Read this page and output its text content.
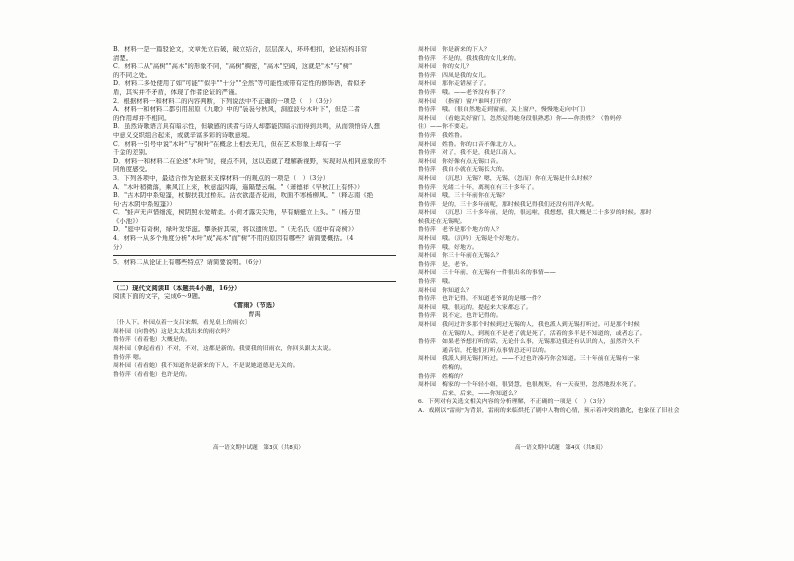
B．材料一是一篇驳论文，文章先立后破，破立结合，层层深入，环环相扣，论证结构非常
清楚。
C．材料二从"高树""高木"的形象不同，"高树"稠密，"高木"空阔，这就是"木"与"树"
的不同之处。
D．材料二多处使用了如"可能""似乎""十分""全然"等可能性或带有定性的修饰语，看似矛
盾，其实并不矛盾，体现了作者论证的严谨。
2．根据材料一和材料二的内容判断，下列说法中不正确的一项是（　）（3分）
A．材料一和材料二都引用屈原《九歌》中的"袅袅兮秋风，洞庭波兮木叶下"，但是二者
的作用却并不相同。
B．虽然诗歌语言具有暗示性，但敏感的读者与诗人却都能因暗示而得到共鸣，从而领悟诗人想
中意义交织组合起来，或就辛富多彩的诗歌意境。
C．材料一引号中说"木叶"与"树叶"在概念上相去无几，但在艺术形象上却有一字
千金的差别。
D．材料一和材料二在论述"木叶"时，视点不同，这以造就了理解新视野，实现对从相同意象的不
同角度感受。
3．下列各项中，最适合作为论据来支撑材料一的观点的一项是（　）（3分）
A．"木叶稍微落，乘风江上来，秋意溢四海，遥隔楚云端。"（萧德祥《早秋江上有怀》）
B．"古木阴中系短篷，杖藜扶我过桥东。沾衣欲湿杏花雨，吹面不寒杨柳风。"（释志南《绝
句·古木阴中系短篷》）
C．"蛙声无声惜细流，树阴照水爱晴柔。小荷才露尖尖角，早有蜻蜓立上头。"（杨万里
《小池》）
D．"庭中有奇树，绿叶发华滋。攀条折其荣，将以遗所思。"（无名氏《庭中有奇树》）
4．材料一从多个角度分析"木叶"成"高木"而"树"不用的原因有哪些？请简要概括。（4
分）
5．材料二从论证上有哪些特点？请简要说明。（6分）
（二）现代文阅读Ⅱ（本题共4小题，16分）
阅读下面的文字，完成6～9题。
《雷雨》（节选）
曹禺
〔仆人下。朴园点着一支吕宋烟，看见桌上的雨衣〕
周朴园（向鲁妈）这是太太找出来的雨衣吗？
鲁侍萍（看着他）大概是的。
周朴园（拿起看看）不对，不对，这都是新的。我要我的旧雨衣，你回头跟太太说。
鲁侍萍 嗯。
周朴园（看看她）我不知道你是新来的下人，不是说她道德是无关的。
鲁侍萍（看看他）也许是的。
高一语文期中试题　第3页（共8页）
周朴园 你是新来的下人？
鲁侍萍 不是的，我找我的女儿来的。
周朴园 你的女儿？
鲁侍萍 四凤是我的女儿。
周朴园 那你走错屋子了。
鲁侍萍 哦。——老爷没有事了？
周朴园 （指窗）窗户谁叫打开的？
鲁侍萍 哦。（很自然地走到窗前，关上窗户，慢慢地走向中门）
周朴园 （看她关好窗门，忽然觉得她身段很熟悉）你——你贵姓？（鲁妈停
住）——你不要走。
鲁侍萍 我姓鲁。
周朴园 姓鲁。你的口音不像北方人。
鲁侍萍 对了，我不是，我是江南人。
周朴园 你好像有点无锡口音。
鲁侍萍 我自小就在无锡长大的。
周朴园 （沉思）无锡？嗯，无锡，（忽而）你在无锡是什么时候？
鲁侍萍 光绪二十年，离现在有三十多年了。
周朴园 哦，三十年前你在无锡？
鲁侍萍 是的，三十多年前呢，那时候我记得我们还没有用洋火呢。
周朴园 （沉思）三十多年前，是的，很远啦，我想想，我大概是二十多岁的时候。那时
候我还在无锡呢。
鲁侍萍 老爷是那个地方的人？
周朴园 哦。（沉吟）无锡是个好地方。
鲁侍萍 哦，好地方。
周朴园 你三十年前在无锡么？
鲁侍萍 是，老爷。
周朴园 三十年前，在无锡有一件很出名的事情——
鲁侍萍 哦。
周朴园 你知道么？
鲁侍萍 也许记得，不知道老爷说的是哪一件？
周朴园 哦，很远的，提起来大家都忘了。
鲁侍萍 说不定，也许记得的。
周朴园 我问过许多那个时候到过无锡的人，我也派人到无锡打听过。可是那个时候
在无锡的人，到现在不是老了就是死了，活着的多半是不知道的，或者忘了。
鲁侍萍 如果老爷想打听的话，无论什么事，无锡那边我还有认识的人，虽然许久不
通音信，托他们打听点事情总还可以的。
周朴园 我派人到无锡打听过。——不过也许凑巧你会知道。三十年前在无锡有一家
姓梅的。
鲁侍萍 姓梅的？
周朴园 梅家的一个年轻小姐，很贤慧，也很规矩，有一天夜里，忽然地投水死了。
后来，后来，——你知道么？
6．下列对有关选文相关内容的分析理解，不正确的一项是（　）（3分）
A．戏剧以"雷雨"为背景，雷雨的来临烘托了剧中人物的心情，预示着冲突的激化，也象征了旧社会
高一语文期中试题　第4页（共8页）
